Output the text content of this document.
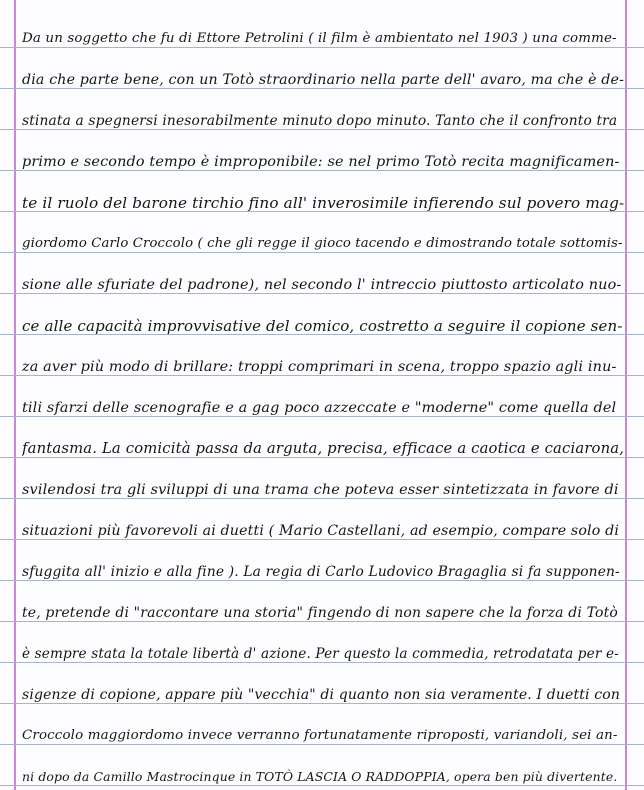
Da un soggetto che fu di Ettore Petrolini ( il film è ambientato nel 1903 ) una comme-
dia che parte bene, con un Totò straordinario nella parte dell' avaro, ma che è de-
stinata a spegnersi inesorabilmente minuto dopo minuto. Tanto che il confronto tra
primo e secondo tempo è improponibile: se nel primo Totò recita magnificamen-
te il ruolo del barone tirchio fino all' inverosimile infierendo sul povero mag-
giordomo Carlo Croccolo ( che gli regge il gioco tacendo e dimostrando totale sottomis-
sione alle sfuriate del padrone), nel secondo l' intreccio piuttosto articolato nuo-
ce alle capacità improvvisative del comico, costretto a seguire il copione sen-
za aver più modo di brillare: troppi comprimari in scena, troppo spazio agli inu-
tili sfarzi delle scenografie e a gag poco azzeccate e "moderne" come quella del
fantasma. La comicità passa da arguta, precisa, efficace a caotica e caciarona,
svilendosi tra gli sviluppi di una trama che poteva esser sintetizzata in favore di
situazioni più favorevoli ai duetti ( Mario Castellani, ad esempio, compare solo di
sfuggita all' inizio e alla fine ). La regia di Carlo Ludovico Bragaglia si fa supponen-
te, pretende di "raccontare una storia" fingendo di non sapere che la forza di Totò
è sempre stata la totale libertà d' azione. Per questo la commedia, retrodatata per e-
sigenze di copione, appare più "vecchia" di quanto non sia veramente. I duetti con
Croccolo maggiordomo invece verranno fortunatamente riproposti, variandoli, sei an-
ni dopo da Camillo Mastrocinque in TOTÒ LASCIA O RADDOPPIA, opera ben più divertente.
